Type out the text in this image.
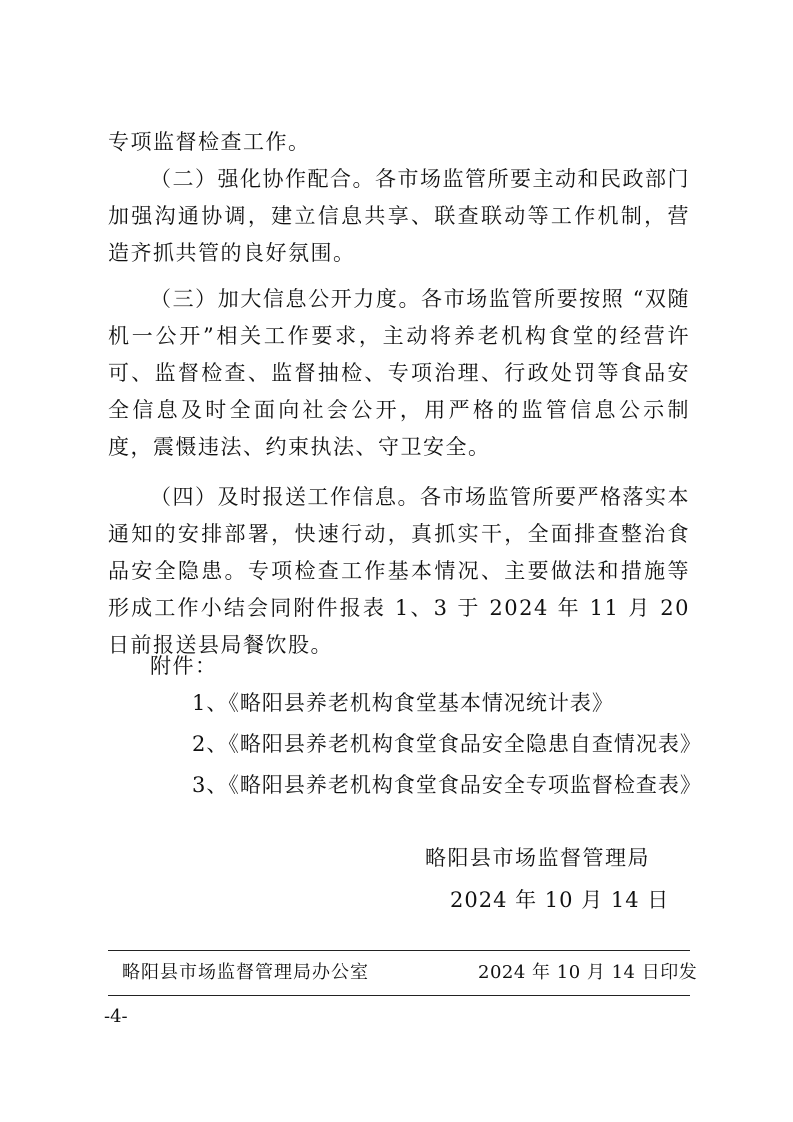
专项监督检查工作。

（二）强化协作配合。各市场监管所要主动和民政部门加强沟通协调，建立信息共享、联查联动等工作机制，营造齐抓共管的良好氛围。

（三）加大信息公开力度。各市场监管所要按照 “双随机一公开”相关工作要求，主动将养老机构食堂的经营许可、监督检查、监督抽检、专项治理、行政处罚等食品安全信息及时全面向社会公开，用严格的监管信息公示制度，震慑违法、约束执法、守卫安全。

（四）及时报送工作信息。各市场监管所要严格落实本通知的安排部署，快速行动，真抓实干，全面排查整治食品安全隐患。专项检查工作基本情况、主要做法和措施等形成工作小结会同附件报表 1、3 于 2024 年 11 月 20 日前报送县局餐饮股。

附件：
1、《略阳县养老机构食堂基本情况统计表》
2、《略阳县养老机构食堂食品安全隐患自查情况表》
3、《略阳县养老机构食堂食品安全专项监督检查表》
略阳县市场监督管理局
2024 年 10 月 14 日
略阳县市场监督管理局办公室	2024 年 10 月 14 日印发
-4-
